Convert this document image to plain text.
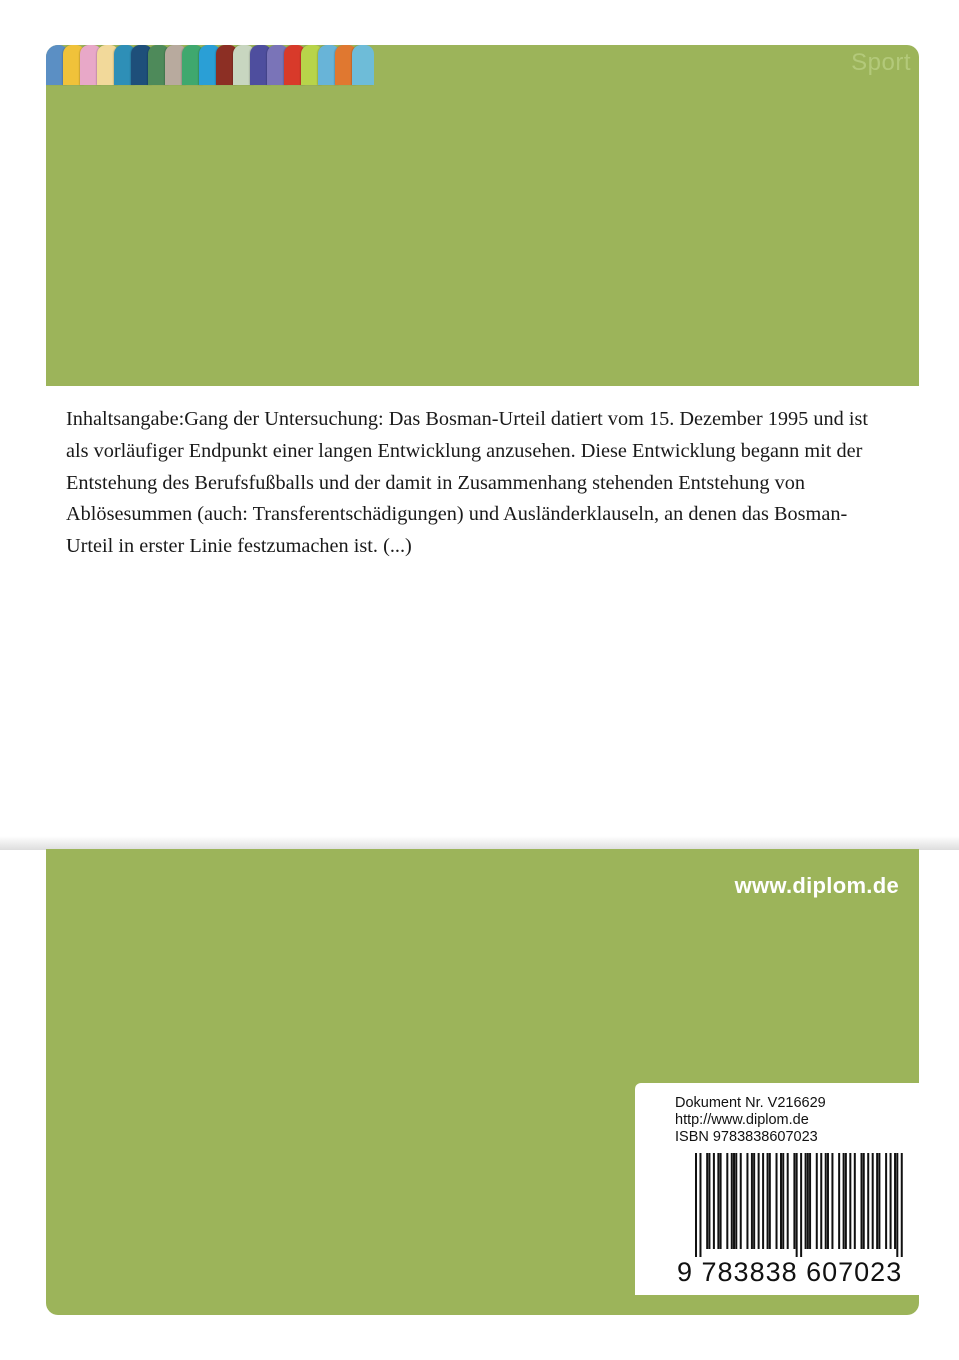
Sport

Inhaltsangabe:Gang der Untersuchung: Das Bosman-Urteil datiert vom 15. Dezember 1995 und ist als vorläufiger Endpunkt einer langen Entwicklung anzusehen. Diese Entwicklung begann mit der Entstehung des Berufsfußballs und der damit in Zusammenhang stehenden Entstehung von Ablösesummen (auch: Transferentschädigungen) und Ausländerklauseln, an denen das Bosman-Urteil in erster Linie festzumachen ist. (...)

www.diplom.de
Dokument Nr. V216629
http://www.diplom.de
ISBN 9783838607023
9 783838 607023
